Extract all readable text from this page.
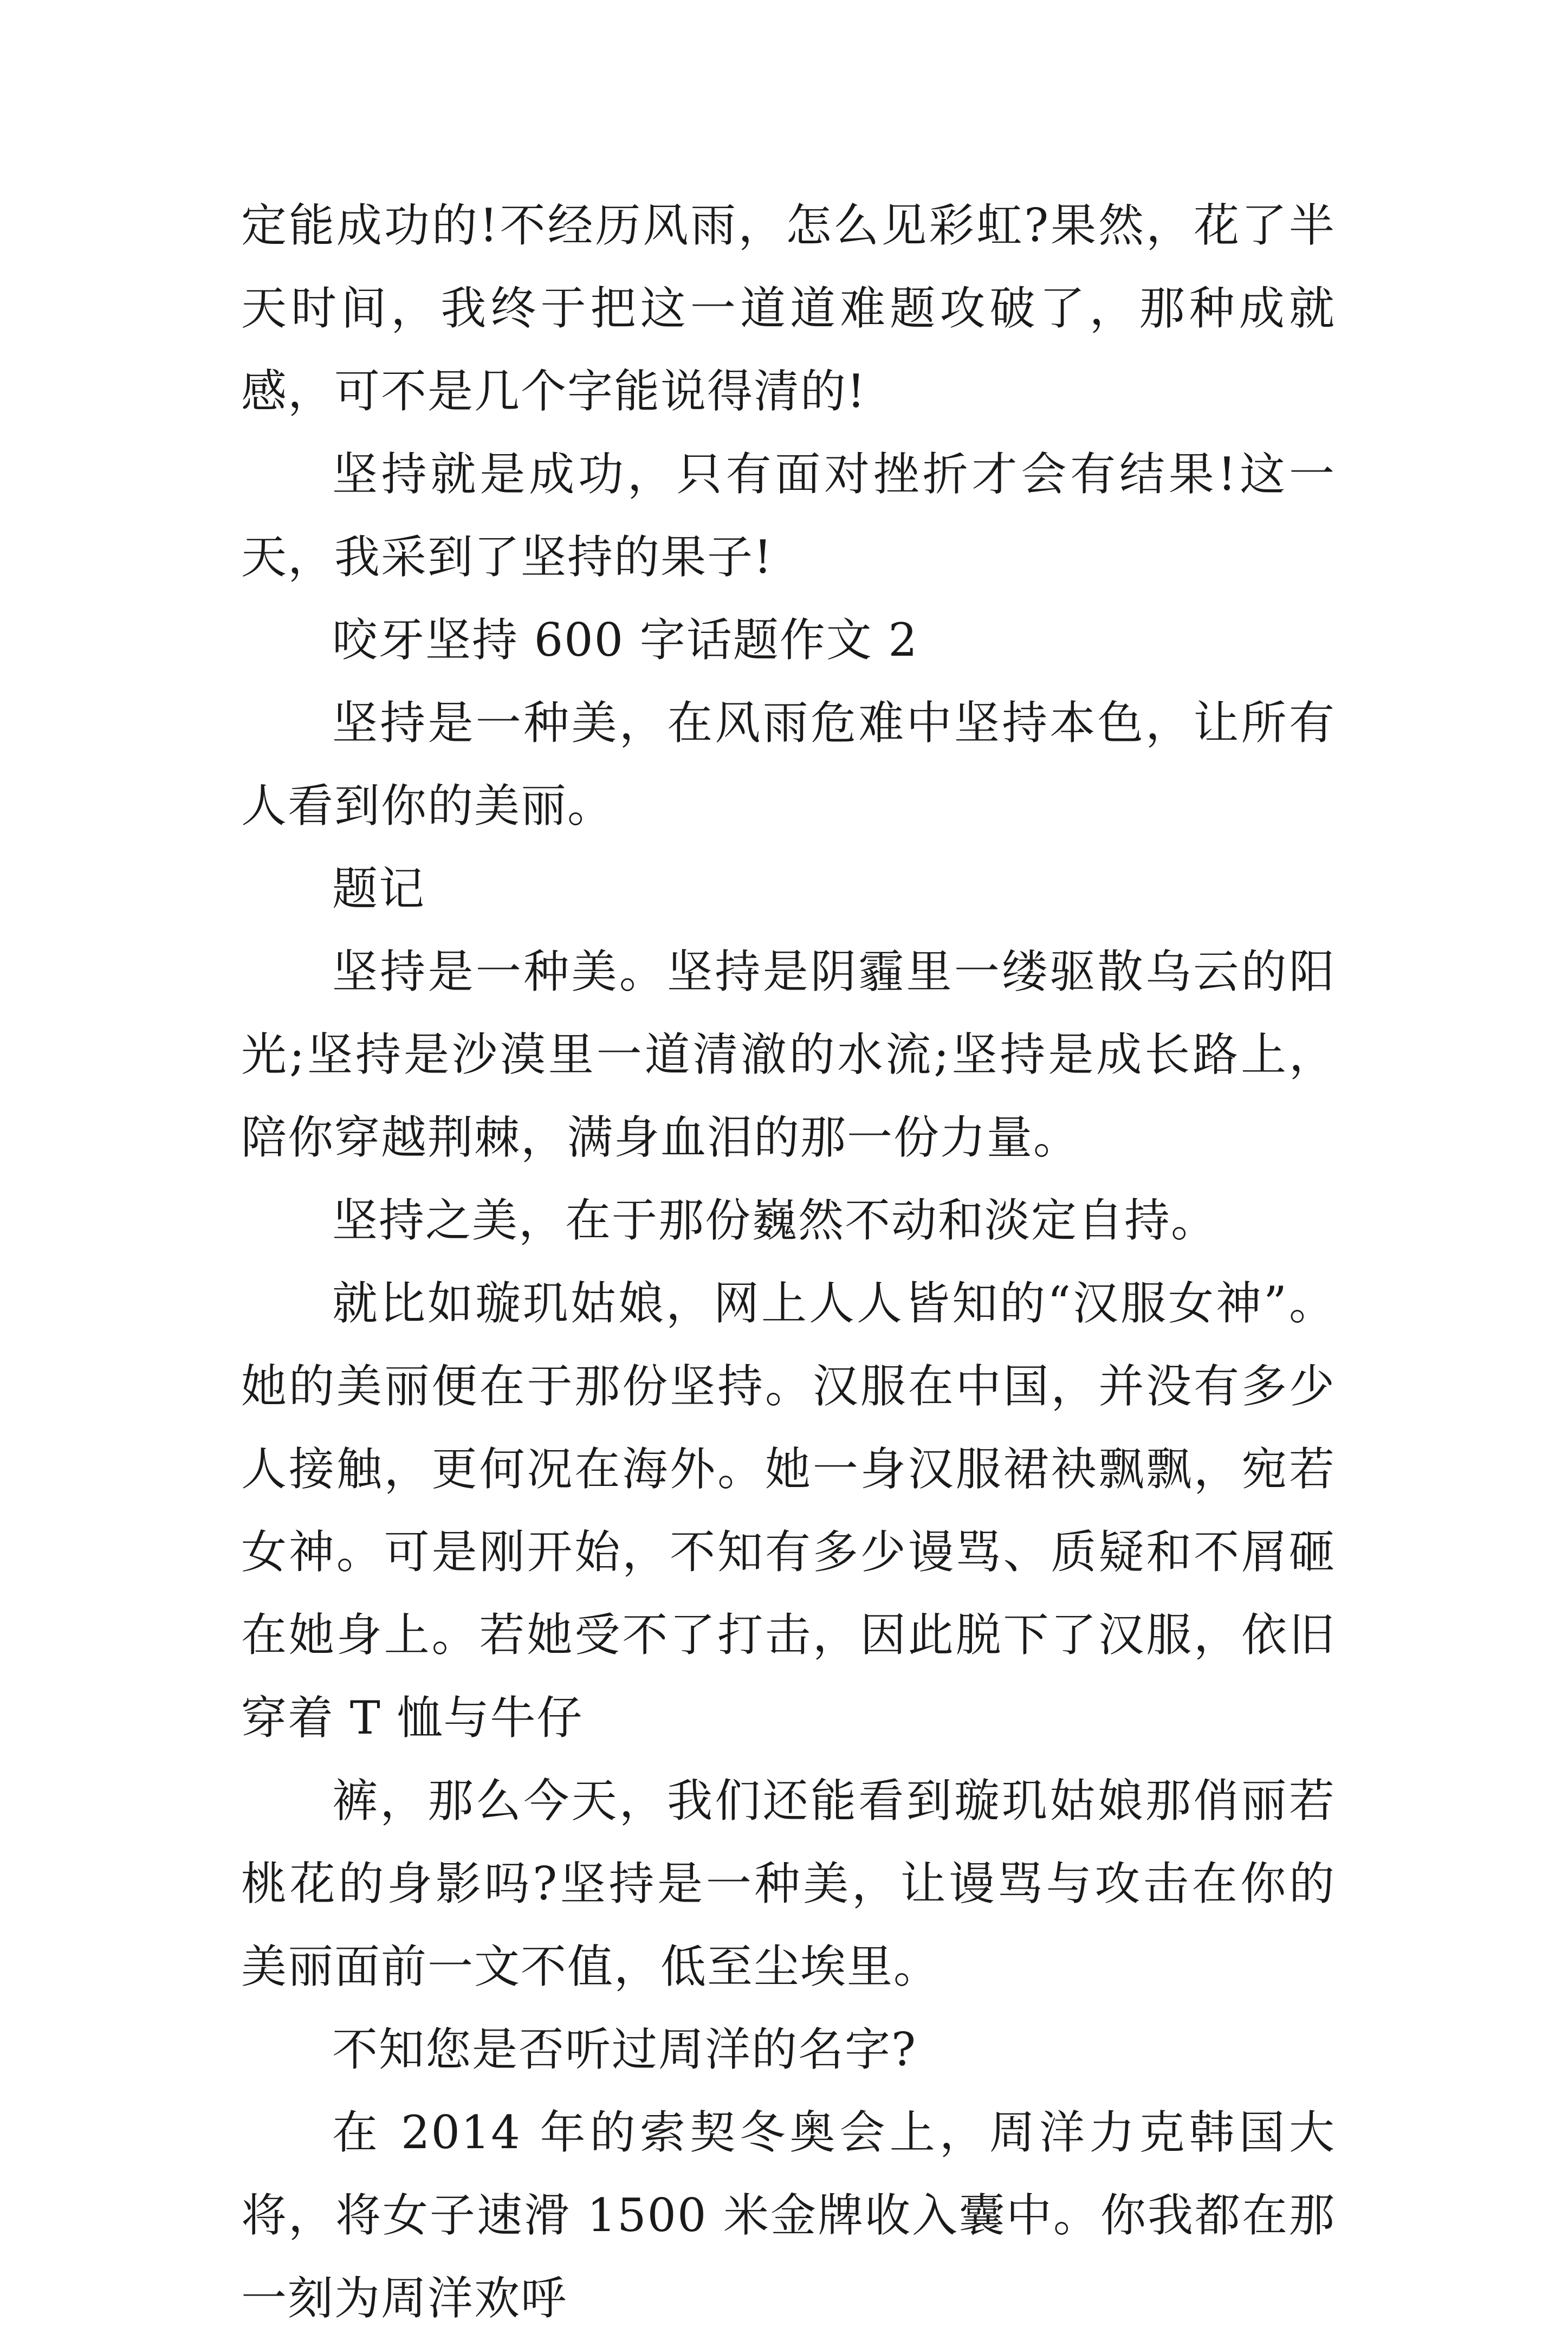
定能成功的!不经历风雨，怎么见彩虹?果然，花了半天时间，我终于把这一道道难题攻破了，那种成就感，可不是几个字能说得清的!

坚持就是成功，只有面对挫折才会有结果!这一天，我采到了坚持的果子!

咬牙坚持 600 字话题作文 2

坚持是一种美，在风雨危难中坚持本色，让所有人看到你的美丽。

题记

坚持是一种美。坚持是阴霾里一缕驱散乌云的阳光;坚持是沙漠里一道清澈的水流;坚持是成长路上，陪你穿越荆棘，满身血泪的那一份力量。

坚持之美，在于那份巍然不动和淡定自持。

就比如璇玑姑娘，网上人人皆知的“汉服女神”。她的美丽便在于那份坚持。汉服在中国，并没有多少人接触，更何况在海外。她一身汉服裙袂飘飘，宛若女神。可是刚开始，不知有多少谩骂、质疑和不屑砸在她身上。若她受不了打击，因此脱下了汉服，依旧穿着 T 恤与牛仔

裤，那么今天，我们还能看到璇玑姑娘那俏丽若桃花的身影吗?坚持是一种美，让谩骂与攻击在你的美丽面前一文不值，低至尘埃里。

不知您是否听过周洋的名字?

在 2014 年的索契冬奥会上，周洋力克韩国大将，将女子速滑 1500 米金牌收入囊中。你我都在那一刻为周洋欢呼
